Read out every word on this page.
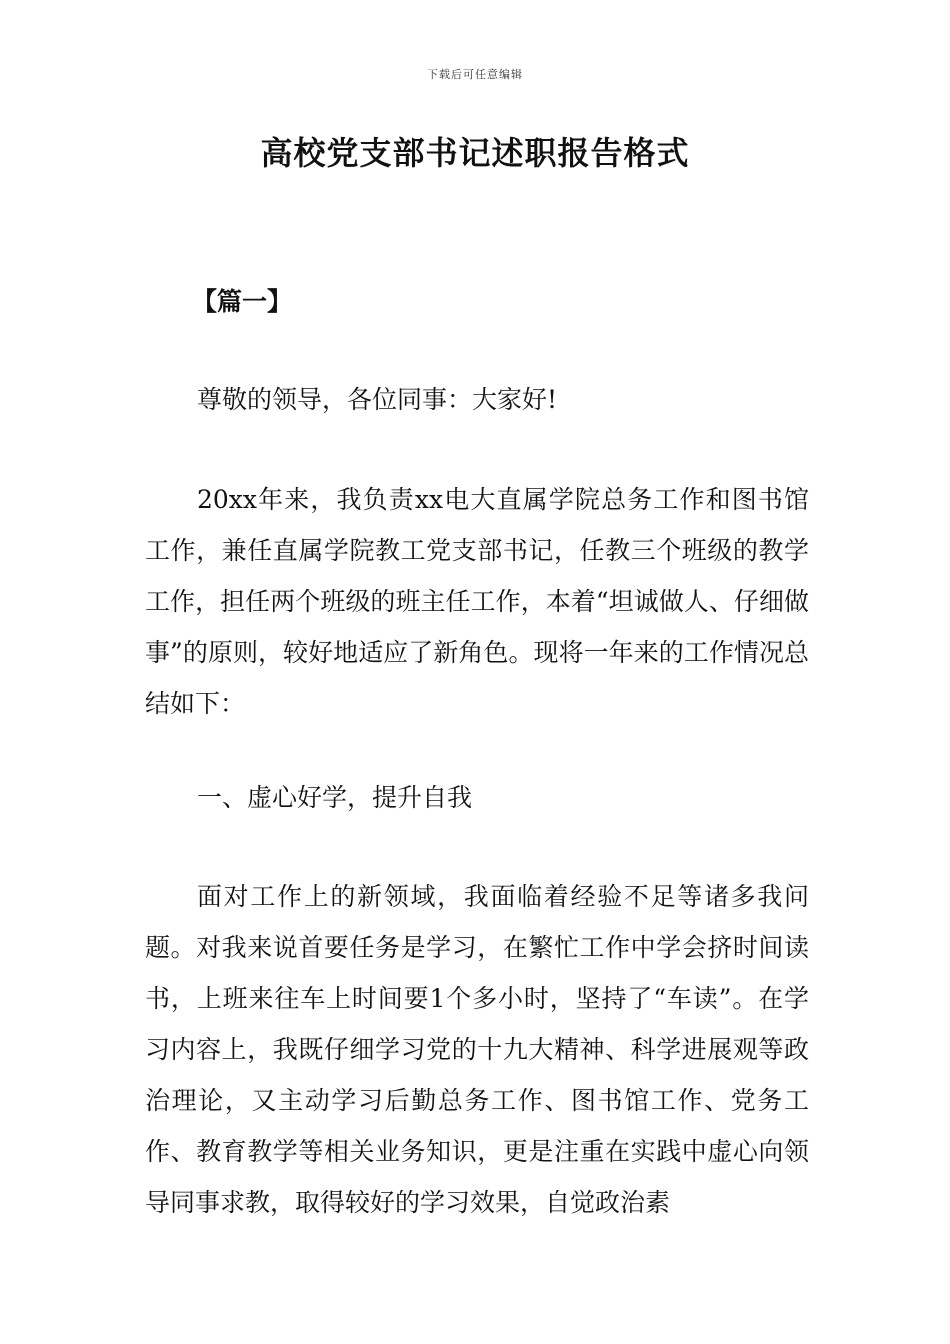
下载后可任意编辑
高校党支部书记述职报告格式

【篇一】

尊敬的领导，各位同事：大家好!

20xx年来，我负责xx电大直属学院总务工作和图书馆工作，兼任直属学院教工党支部书记，任教三个班级的教学工作，担任两个班级的班主任工作，本着“坦诚做人、仔细做事”的原则，较好地适应了新角色。现将一年来的工作情况总结如下：

一、虚心好学，提升自我

面对工作上的新领域，我面临着经验不足等诸多我问题。对我来说首要任务是学习，在繁忙工作中学会挤时间读书，上班来往车上时间要1个多小时，坚持了“车读”。在学习内容上，我既仔细学习党的十九大精神、科学进展观等政治理论，又主动学习后勤总务工作、图书馆工作、党务工作、教育教学等相关业务知识，更是注重在实践中虚心向领导同事求教，取得较好的学习效果，自觉政治素
